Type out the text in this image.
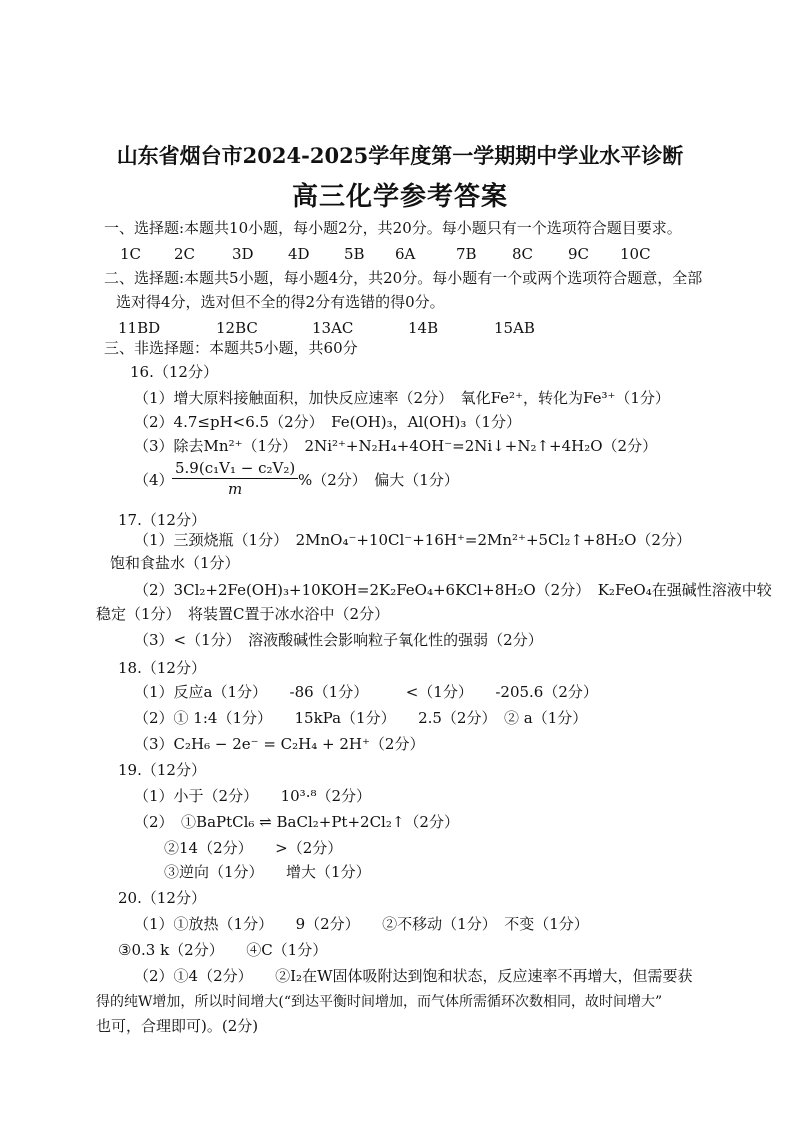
山东省烟台市2024-2025学年度第一学期期中学业水平诊断
高三化学参考答案
一、选择题:本题共10小题，每小题2分，共20分。每小题只有一个选项符合题目要求。
1C 2C 3D 4D 5B 6A	7B 8C 9C 10C
二、选择题:本题共5小题，每小题4分，共20分。每小题有一个或两个选项符合题意，全部
选对得4分，选对但不全的得2分有选错的得0分。
11BD	12BC	13AC	14B	15AB
三、非选择题：本题共5小题，共60分
16.（12分）
（1）增大原料接触面积，加快反应速率（2分）　氧化Fe²⁺，转化为Fe³⁺（1分）
（2）4.7≤pH<6.5（2分）　Fe(OH)₃，Al(OH)₃（1分）
（3）除去Mn²⁺（1分）　2Ni²⁺+N₂H₄+4OH⁻=2Ni↓+N₂↑+4H₂O（2分）
（4）
$\frac{\text{5.9(c₁V₁ − c₂V₂)}}{m} \%(2$分）　偏大（1分）
17.（12分）
（1）三颈烧瓶（1分）　2MnO₄⁻+10Cl⁻+16H⁺=2Mn²⁺+5Cl₂↑+8H₂O（2分）
饱和食盐水（1分）
（2）3Cl₂+2Fe(OH)₃+10KOH=2K₂FeO₄+6KCl+8H₂O（2分）　K₂FeO₄在强碱性溶液中较
稳定（1分）　将装置C置于冰水浴中（2分）
（3）<（1分）　溶液酸碱性会影响粒子氧化性的强弱（2分）
18.（12分）
（1）反应a（1分）　　-86（1分）　　　<（1分）　　-205.6（2分）
（2）① 1:4（1分）　　15kPa（1分）　　2.5（2分）　② a（1分）
（3）C₂H₆ − 2e⁻ = C₂H₄ + 2H⁺（2分）
19.（12分）
（1）小于（2分）　　10³·⁸（2分）
（2）　①BaPtCl₆ ⇌ BaCl₂+Pt+2Cl₂↑（2分）
②14（2分）　　>（2分）
③逆向（1分）　　增大（1分）
20.（12分）
（1）①放热（1分）　　9（2分）　　②不移动（1分）　不变（1分）
③0.3 k（2分）　　④C（1分）
（2）①4（2分）　　②I₂在W固体吸附达到饱和状态，反应速率不再增大，但需要获
得的纯W增加，所以时间增大(“到达平衡时间增加，而气体所需循环次数相同，故时间增大”
也可，合理即可)。(2分)
